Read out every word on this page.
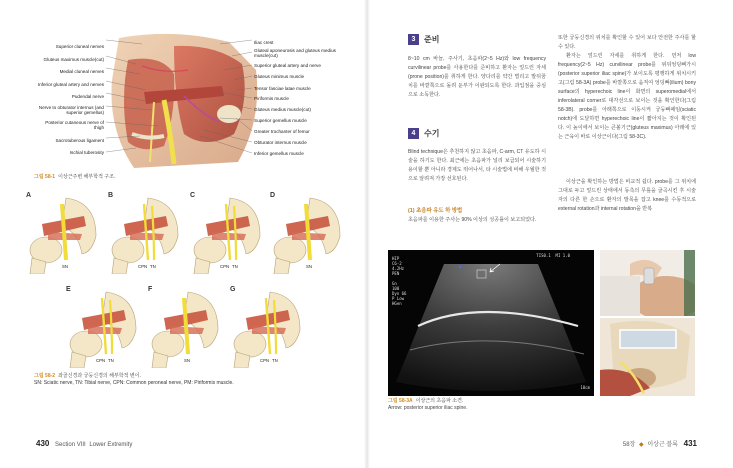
Superior cluneal nerves
Gluteus maximus muscle(cut)
Medial cluneal nerves
Inferior gluteal artery and nerves
Pudendal nerve
Nerve to obturator internus (and superior gemellus)
Posterior cutaneous nerve of thigh
Sacrotuberous ligament
Ischial tuberosity
Iliac crest
Gluteal aponeurosis and gluteus medius muscle(cut)
Superior gluteal artery and nerve
Gluteus minimus muscle
Tensor fasciae latae muscle
Piriformis muscle
Gluteus medius muscle(cut)
Superior gemellus muscle
Greater trochanter of femur
Obturator internus muscle
Inferior gemellus muscle
그림 58-1 이상근주변 해부학적 구조.
A
SN
B
CPN TN
C
CPN TN
D
SN
E
CPN TN
F
SN
G
CPN TN
그림 58-2 좌골신경과 궁둥신경의 해부학적 변이.
SN: Sciatic nerve, TN: Tibial nerve, CPN: Common peroneal nerve, PM: Piriformis muscle.
430 Section VIII Lower Extremity
3	준비
8~10 cm 바늘, 주사기, 초음파(2~5 Hz)와 low frequency curvilinear probe를 사용한다를 준비하고 환자는 엎드린 자세(prone position)를 취하게 한다. 양다리를 약간 벌리고 발뒤꿈치를 바깥쪽으로 돌려 둔부가 이완되도록 한다. 과입점을 중심으로 소독한다.
4	수기
Blind technique은 추천하지 않고 초음파, C-arm, CT 유도하 시술을 하기도 한다. 최근에는 초음파가 널리 보급되어 시술하기 용이할 뿐 아니라 경제도 뛰어나서, 타 시술법에 비해 우월한 것으로 알려져 가장 선호된다.
(1) 초음파 유도 하 방법
초음파를 이용한 주사는 90% 이상의 성공률이 보고되었다.
또한 궁둥신경의 위치를 확인할 수 있어 보다 안전한 주사를 할 수 있다.
환자는 엎드린 자세를 취하게 한다. 먼저 low frequency(2~5 Hz) curvilinear probe를 위뒤엉덩뼈가시(posterior superior iliac spine)가 보이도록 평행하게 위치시키고(그림 58-3A) probe를 바깥쪽으로 움직여 엉덩뼈(ilium) bony surface의 hyperechoic line이 화면의 superomedial에서 inferolateral corner로 대각선으로 보이는 것을 확인한다(그림 58-3B). probe를 아래쪽으로 이동시켜 궁둥뼈패임(sciatic notch)에 도달하면 hyperechoic line이 짧아지는 것이 확인된다. 이 높이에서 보이는 큰볼기근(gluteus maximus) 아래에 있는 근육이 바로 이상근이다(그림 58-3C).
이상근을 확인하는 방법은 비교적 쉽다. probe를 그 위치에 그대로 두고 엎드린 상태에서 동측의 무릎을 굴곡시킨 후 시술자의 다른 한 손으로 환자의 발목을 잡고 knee를 수동적으로 external rotation과 internal rotation을 반복
HIP
C6-2
4.2Hz
PEN

Gn
100
Dyn 66
P Low
HGen
TIS0.1  MI 1.0
10cm
그림 58-3A 이상근의 초음파 소견.
Arrow: posterior superior iliac spine.
58장 ◆ 이상근 블록 431
